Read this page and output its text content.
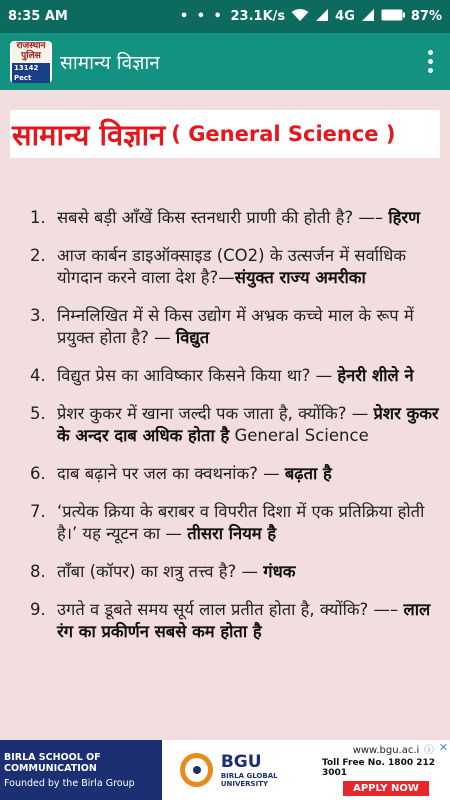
8:35 AM	• • • 23.1K/s	4G	87%
राजस्थान
पुलिस
13142 Pect
सामान्य विज्ञान
सामान्य विज्ञान ( General Science )
1. सबसे बड़ी आँखें किस स्तनधारी प्राणी की होती है? —– हिरण
2. आज कार्बन डाइऑक्साइड (CO2) के उत्सर्जन में सर्वाधिक योगदान करने वाला देश है?—संयुक्त राज्य अमरीका
3. निम्नलिखित में से किस उद्योग में अभ्रक कच्चे माल के रूप में प्रयुक्त होता है? — विद्युत
4. विद्युत प्रेस का आविष्कार किसने किया था? — हेनरी शीले ने
5. प्रेशर कुकर में खाना जल्दी पक जाता है, क्योंकि? — प्रेशर कुकर के अन्दर दाब अधिक होता है General Science
6. दाब बढ़ाने पर जल का क्वथनांक? — बढ़ता है
7. ‘प्रत्येक क्रिया के बराबर व विपरीत दिशा में एक प्रतिक्रिया होती है।’ यह न्यूटन का — तीसरा नियम है
8. ताँबा (कॉपर) का शत्रु तत्त्व है? — गंधक
9. उगते व डूबते समय सूर्य लाल प्रतीत होता है, क्योंकि? —– लाल रंग का प्रकीर्णन सबसे कम होता है
BIRLA SCHOOL OF COMMUNICATION
Founded by the Birla Group
BGU
BIRLA GLOBAL UNIVERSITY
www.bgu.ac.i
Toll Free No. 1800 212 3001
APPLY NOW
ⓘ ✕
